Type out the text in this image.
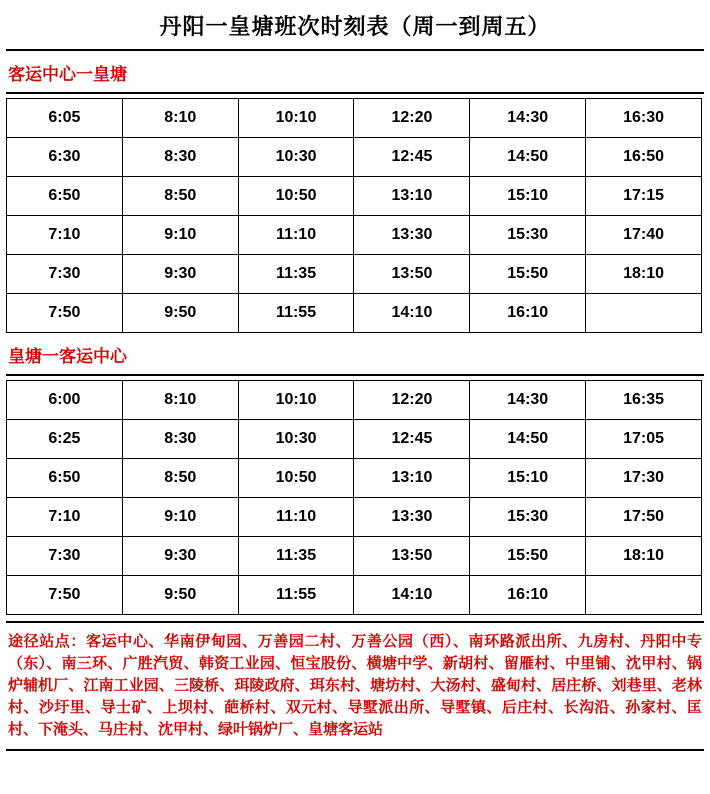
丹阳一皇塘班次时刻表（周一到周五）
客运中心一皇塘
6:05	8:10	10:10	12:20	14:30	16:30
6:30	8:30	10:30	12:45	14:50	16:50
6:50	8:50	10:50	13:10	15:10	17:15
7:10	9:10	11:10	13:30	15:30	17:40
7:30	9:30	11:35	13:50	15:50	18:10
7:50	9:50	11:55	14:10	16:10	
皇塘一客运中心
6:00	8:10	10:10	12:20	14:30	16:35
6:25	8:30	10:30	12:45	14:50	17:05
6:50	8:50	10:50	13:10	15:10	17:30
7:10	9:10	11:10	13:30	15:30	17:50
7:30	9:30	11:35	13:50	15:50	18:10
7:50	9:50	11:55	14:10	16:10	
途径站点：客运中心、华南伊甸园、万善园二村、万善公园（西）、南环路派出所、九房村、丹阳中专（东）、南三环、广胜汽贸、韩资工业园、恒宝股份、横塘中学、新胡村、留雁村、中里铺、沈甲村、锅炉辅机厂、江南工业园、三陵桥、珥陵政府、珥东村、塘坊村、大汤村、盛甸村、居庄桥、刘巷里、老林村、沙圩里、导士矿、上坝村、葩桥村、双元村、导墅派出所、导墅镇、后庄村、长沟沿、孙家村、匡村、下淹头、马庄村、沈甲村、绿叶锅炉厂、皇塘客运站
